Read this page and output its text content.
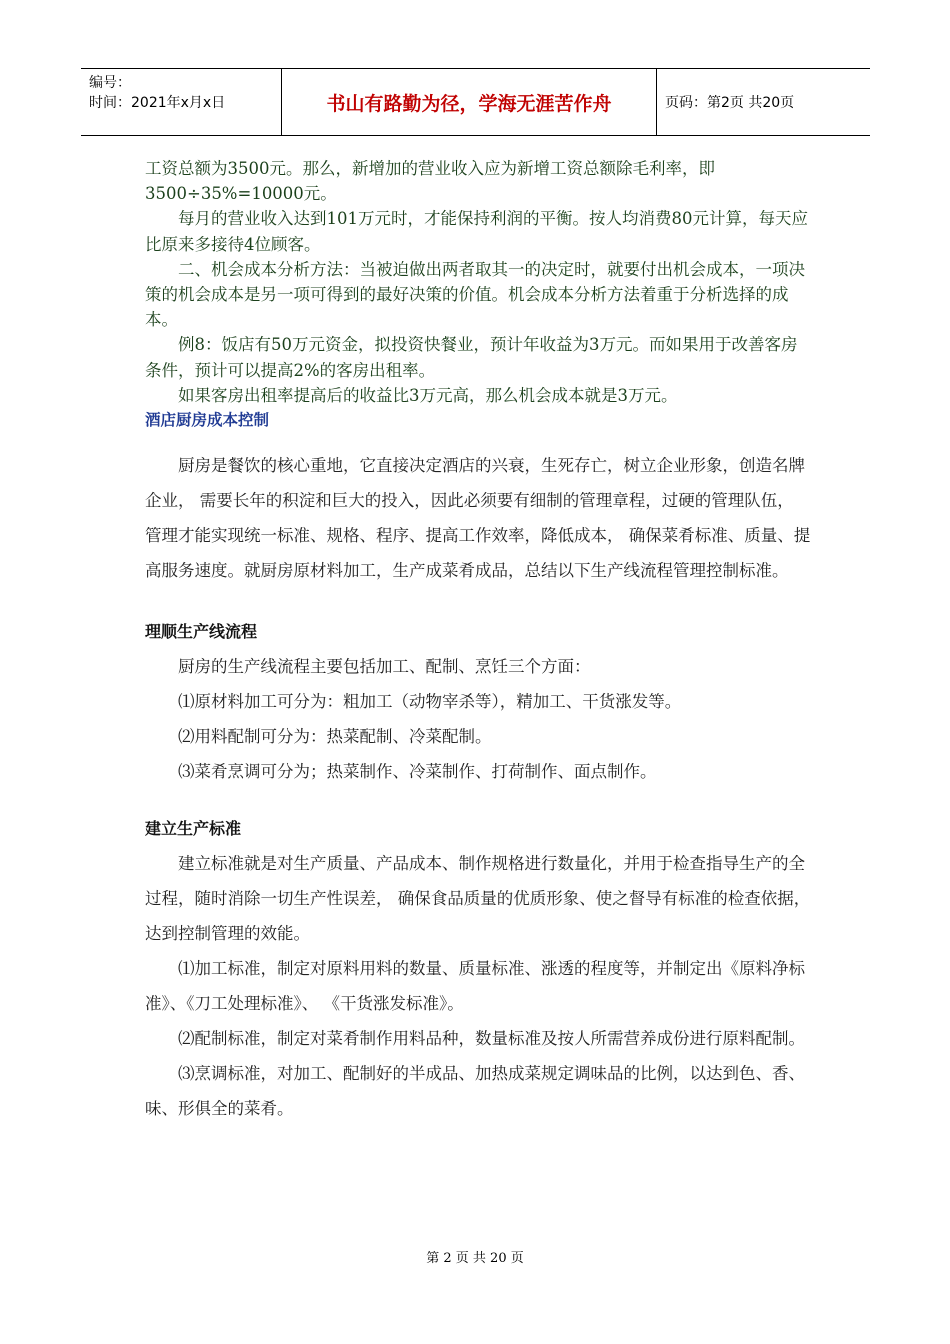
编号：
时间：2021年x月x日	书山有路勤为径，学海无涯苦作舟	页码：第2页 共20页

工资总额为3500元。那么，新增加的营业收入应为新增工资总额除毛利率，即3500÷35%=10000元。

每月的营业收入达到101万元时，才能保持利润的平衡。按人均消费80元计算，每天应比原来多接待4位顾客。

二、机会成本分析方法：当被迫做出两者取其一的决定时，就要付出机会成本，一项决策的机会成本是另一项可得到的最好决策的价值。机会成本分析方法着重于分析选择的成本。

例8：饭店有50万元资金，拟投资快餐业，预计年收益为3万元。而如果用于改善客房条件，预计可以提高2%的客房出租率。

如果客房出租率提高后的收益比3万元高，那么机会成本就是3万元。

酒店厨房成本控制

厨房是餐饮的核心重地，它直接决定酒店的兴衰，生死存亡，树立企业形象，创造名牌企业， 需要长年的积淀和巨大的投入，因此必须要有细制的管理章程，过硬的管理队伍， 管理才能实现统一标准、规格、程序、提高工作效率，降低成本， 确保菜肴标准、质量、提高服务速度。就厨房原材料加工，生产成菜肴成品，总结以下生产线流程管理控制标准。

理顺生产线流程

厨房的生产线流程主要包括加工、配制、烹饪三个方面：

⑴原材料加工可分为：粗加工（动物宰杀等），精加工、干货涨发等。

⑵用料配制可分为：热菜配制、冷菜配制。

⑶菜肴烹调可分为；热菜制作、冷菜制作、打荷制作、面点制作。

建立生产标准

建立标准就是对生产质量、产品成本、制作规格进行数量化，并用于检查指导生产的全过程，随时消除一切生产性误差， 确保食品质量的优质形象、使之督导有标准的检查依据， 达到控制管理的效能。

⑴加工标准，制定对原料用料的数量、质量标准、涨透的程度等，并制定出《原料净标准》、《刀工处理标准》、 《干货涨发标准》。

⑵配制标准，制定对菜肴制作用料品种，数量标准及按人所需营养成份进行原料配制。

⑶烹调标准，对加工、配制好的半成品、加热成菜规定调味品的比例，以达到色、香、味、形俱全的菜肴。

第 2 页 共 20 页
